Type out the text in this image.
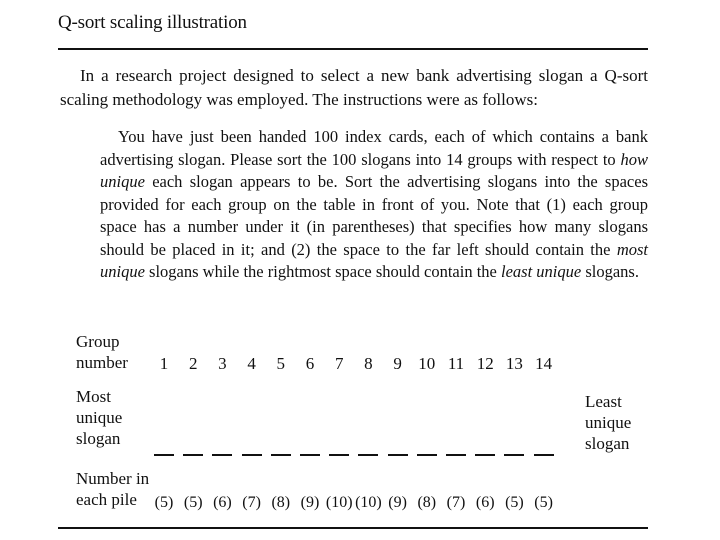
Q-sort scaling illustration

In a research project designed to select a new bank advertising slogan a Q-sort scaling methodology was employed. The instructions were as follows:

You have just been handed 100 index cards, each of which contains a bank advertising slogan. Please sort the 100 slogans into 14 groups with respect to how unique each slogan appears to be. Sort the advertising slogans into the spaces provided for each group on the table in front of you. Note that (1) each group space has a number under it (in parentheses) that specifies how many slogans should be placed in it; and (2) the space to the far left should contain the most unique slogans while the rightmost space should contain the least unique slogans.

Group
number
Most
unique
slogan
Number in
each pile
Least
unique
slogan
1
(5)
2
(5)
3
(6)
4
(7)
5
(8)
6
(9)
7
(10)
8
(10)
9
(9)
10
(8)
11
(7)
12
(6)
13
(5)
14
(5)
